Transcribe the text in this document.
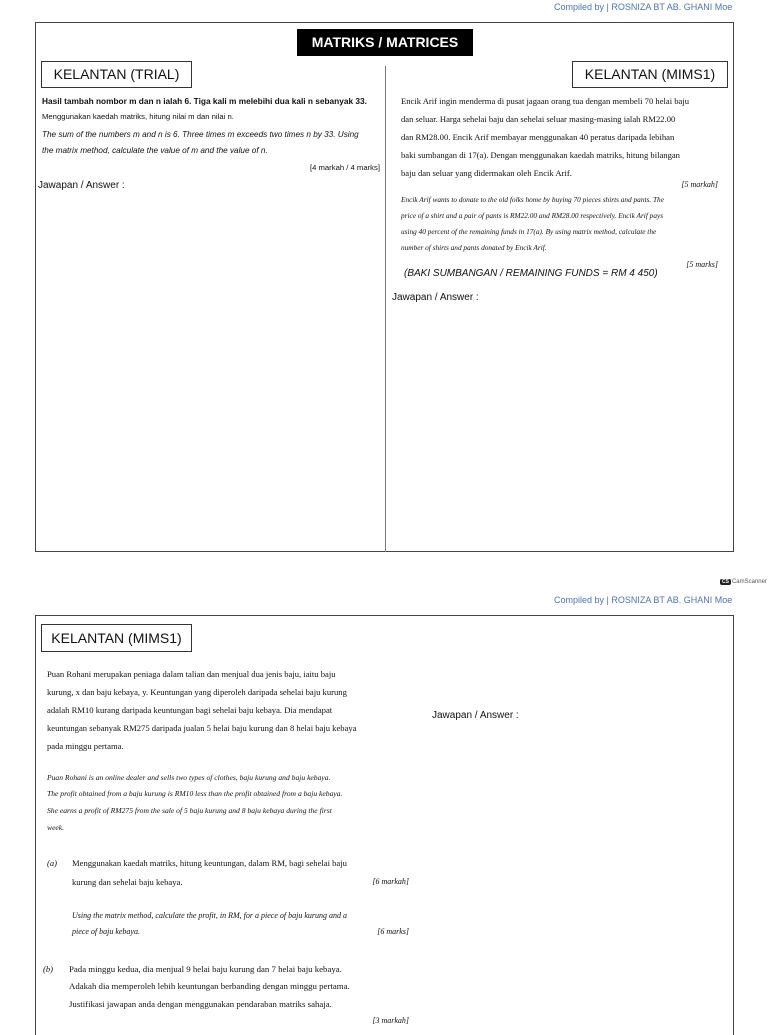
Compiled by | ROSNIZA BT AB. GHANI Moe
MATRIKS / MATRICES
KELANTAN (TRIAL)
Hasil tambah nombor m dan n ialah 6. Tiga kali m melebihi dua kali n sebanyak 33.
Menggunakan kaedah matriks, hitung nilai m dan nilai n.
The sum of the numbers m and n is 6. Three times m exceeds two times n by 33. Using
the matrix method, calculate the value of m and the value of n.
[4 markah / 4 marks]
Jawapan / Answer :
KELANTAN (MIMS1)
Encik Arif ingin menderma di pusat jagaan orang tua dengan membeli 70 helai baju
dan seluar. Harga sehelai baju dan sehelai seluar masing-masing ialah RM22.00
dan RM28.00. Encik Arif membayar menggunakan 40 peratus daripada lebihan
baki sumbangan di 17(a). Dengan menggunakan kaedah matriks, hitung bilangan
baju dan seluar yang didermakan oleh Encik Arif.
[5 markah]
Encik Arif wants to donate to the old folks home by buying 70 pieces shirts and pants. The
price of a shirt and a pair of pants is RM22.00 and RM28.00 respectively. Encik Arif pays
using 40 percent of the remaining funds in 17(a). By using matrix method, calculate the
number of shirts and pants donated by Encik Arif.
[5 marks]
(BAKI SUMBANGAN / REMAINING FUNDS = RM 4 450)
Jawapan / Answer :
CS CamScanner
Compiled by | ROSNIZA BT AB. GHANI Moe
KELANTAN (MIMS1)
Puan Rohani merupakan peniaga dalam talian dan menjual dua jenis baju, iaitu baju
kurung, x dan baju kebaya, y. Keuntungan yang diperoleh daripada sehelai baju kurung
adalah RM10 kurang daripada keuntungan bagi sehelai baju kebaya. Dia mendapat
keuntungan sebanyak RM275 daripada jualan 5 helai baju kurung dan 8 helai baju kebaya
pada minggu pertama.
Puan Rohani is an online dealer and sells two types of clothes, baju kurung and baju kebaya.
The profit obtained from a baju kurung is RM10 less than the profit obtained from a baju kebaya.
She earns a profit of RM275 from the sale of 5 baju kurung and 8 baju kebaya during the first
week.
(a) Menggunakan kaedah matriks, hitung keuntungan, dalam RM, bagi sehelai baju
kurung dan sehelai baju kebaya.	[6 markah]
Using the matrix method, calculate the profit, in RM, for a piece of baju kurung and a
piece of baju kebaya.	[6 marks]
(b) Pada minggu kedua, dia menjual 9 helai baju kurung dan 7 helai baju kebaya.
Adakah dia memperoleh lebih keuntungan berbanding dengan minggu pertama.
Justifikasi jawapan anda dengan menggunakan pendaraban matriks sahaja.
[3 markah]
Jawapan / Answer :
